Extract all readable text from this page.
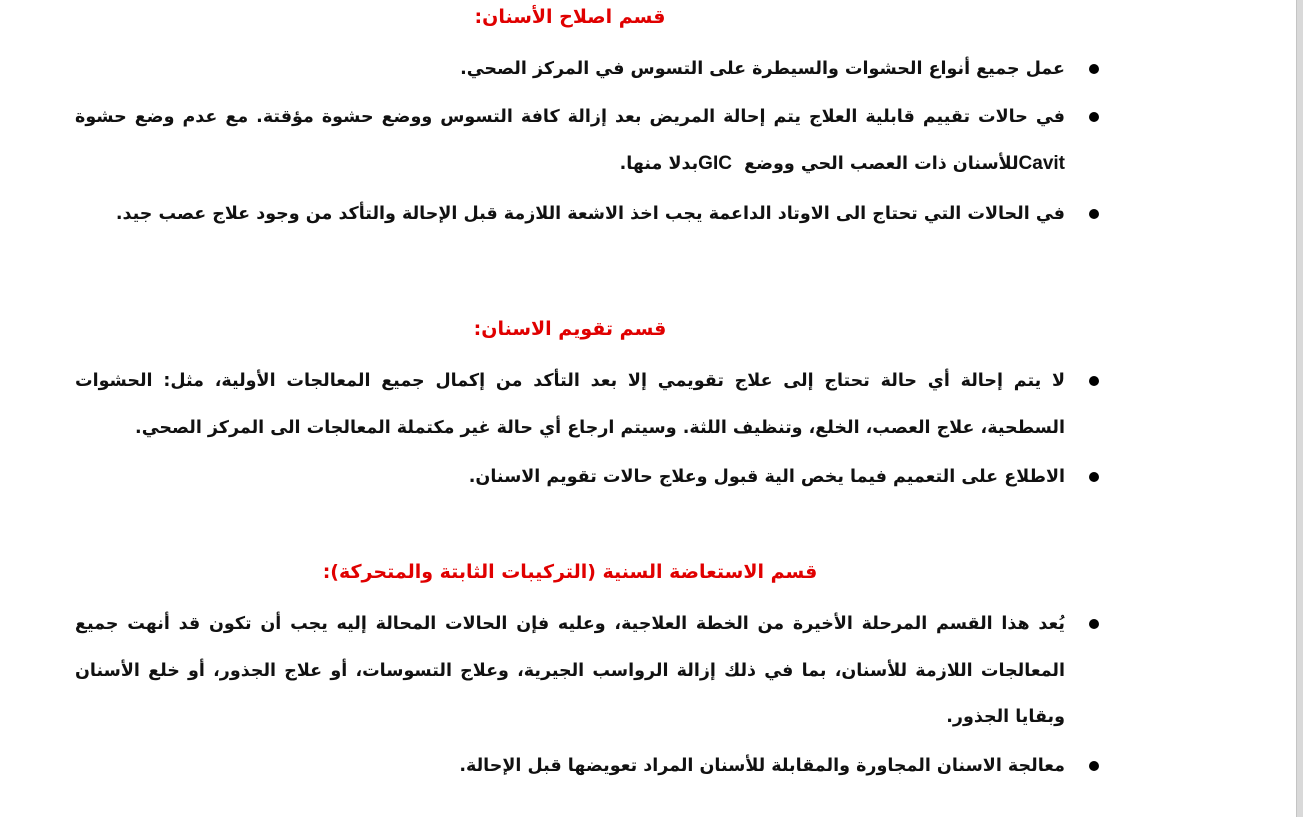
قسم اصلاح الأسنان:
عمل جميع أنواع الحشوات والسيطرة على التسوس في المركز الصحي.
في حالات تقييم قابلية العلاج يتم إحالة المريض بعد إزالة كافة التسوس ووضع حشوة مؤقتة. مع عدم وضع حشوة
Cavitللأسنان ذات العصب الحي ووضع  GICبدلا منها.
في الحالات التي تحتاج الى الاوتاد الداعمة يجب اخذ الاشعة اللازمة قبل الإحالة والتأكد من وجود علاج عصب جيد.
قسم تقويم الاسنان:
لا يتم إحالة أي حالة تحتاج إلى علاج تقويمي إلا بعد التأكد من إكمال جميع المعالجات الأولية، مثل: الحشوات
السطحية، علاج العصب، الخلع، وتنظيف اللثة. وسيتم ارجاع أي حالة غير مكتملة المعالجات الى المركز الصحي.
الاطلاع على التعميم فيما يخص الية قبول وعلاج حالات تقويم الاسنان.
قسم الاستعاضة السنية (التركيبات الثابتة والمتحركة):
يُعد هذا القسم المرحلة الأخيرة من الخطة العلاجية، وعليه فإن الحالات المحالة إليه يجب أن تكون قد أنهت جميع
المعالجات اللازمة للأسنان، بما في ذلك إزالة الرواسب الجيرية، وعلاج التسوسات، أو علاج الجذور، أو خلع الأسنان
وبقايا الجذور.
معالجة الاسنان المجاورة والمقابلة للأسنان المراد تعويضها قبل الإحالة.
